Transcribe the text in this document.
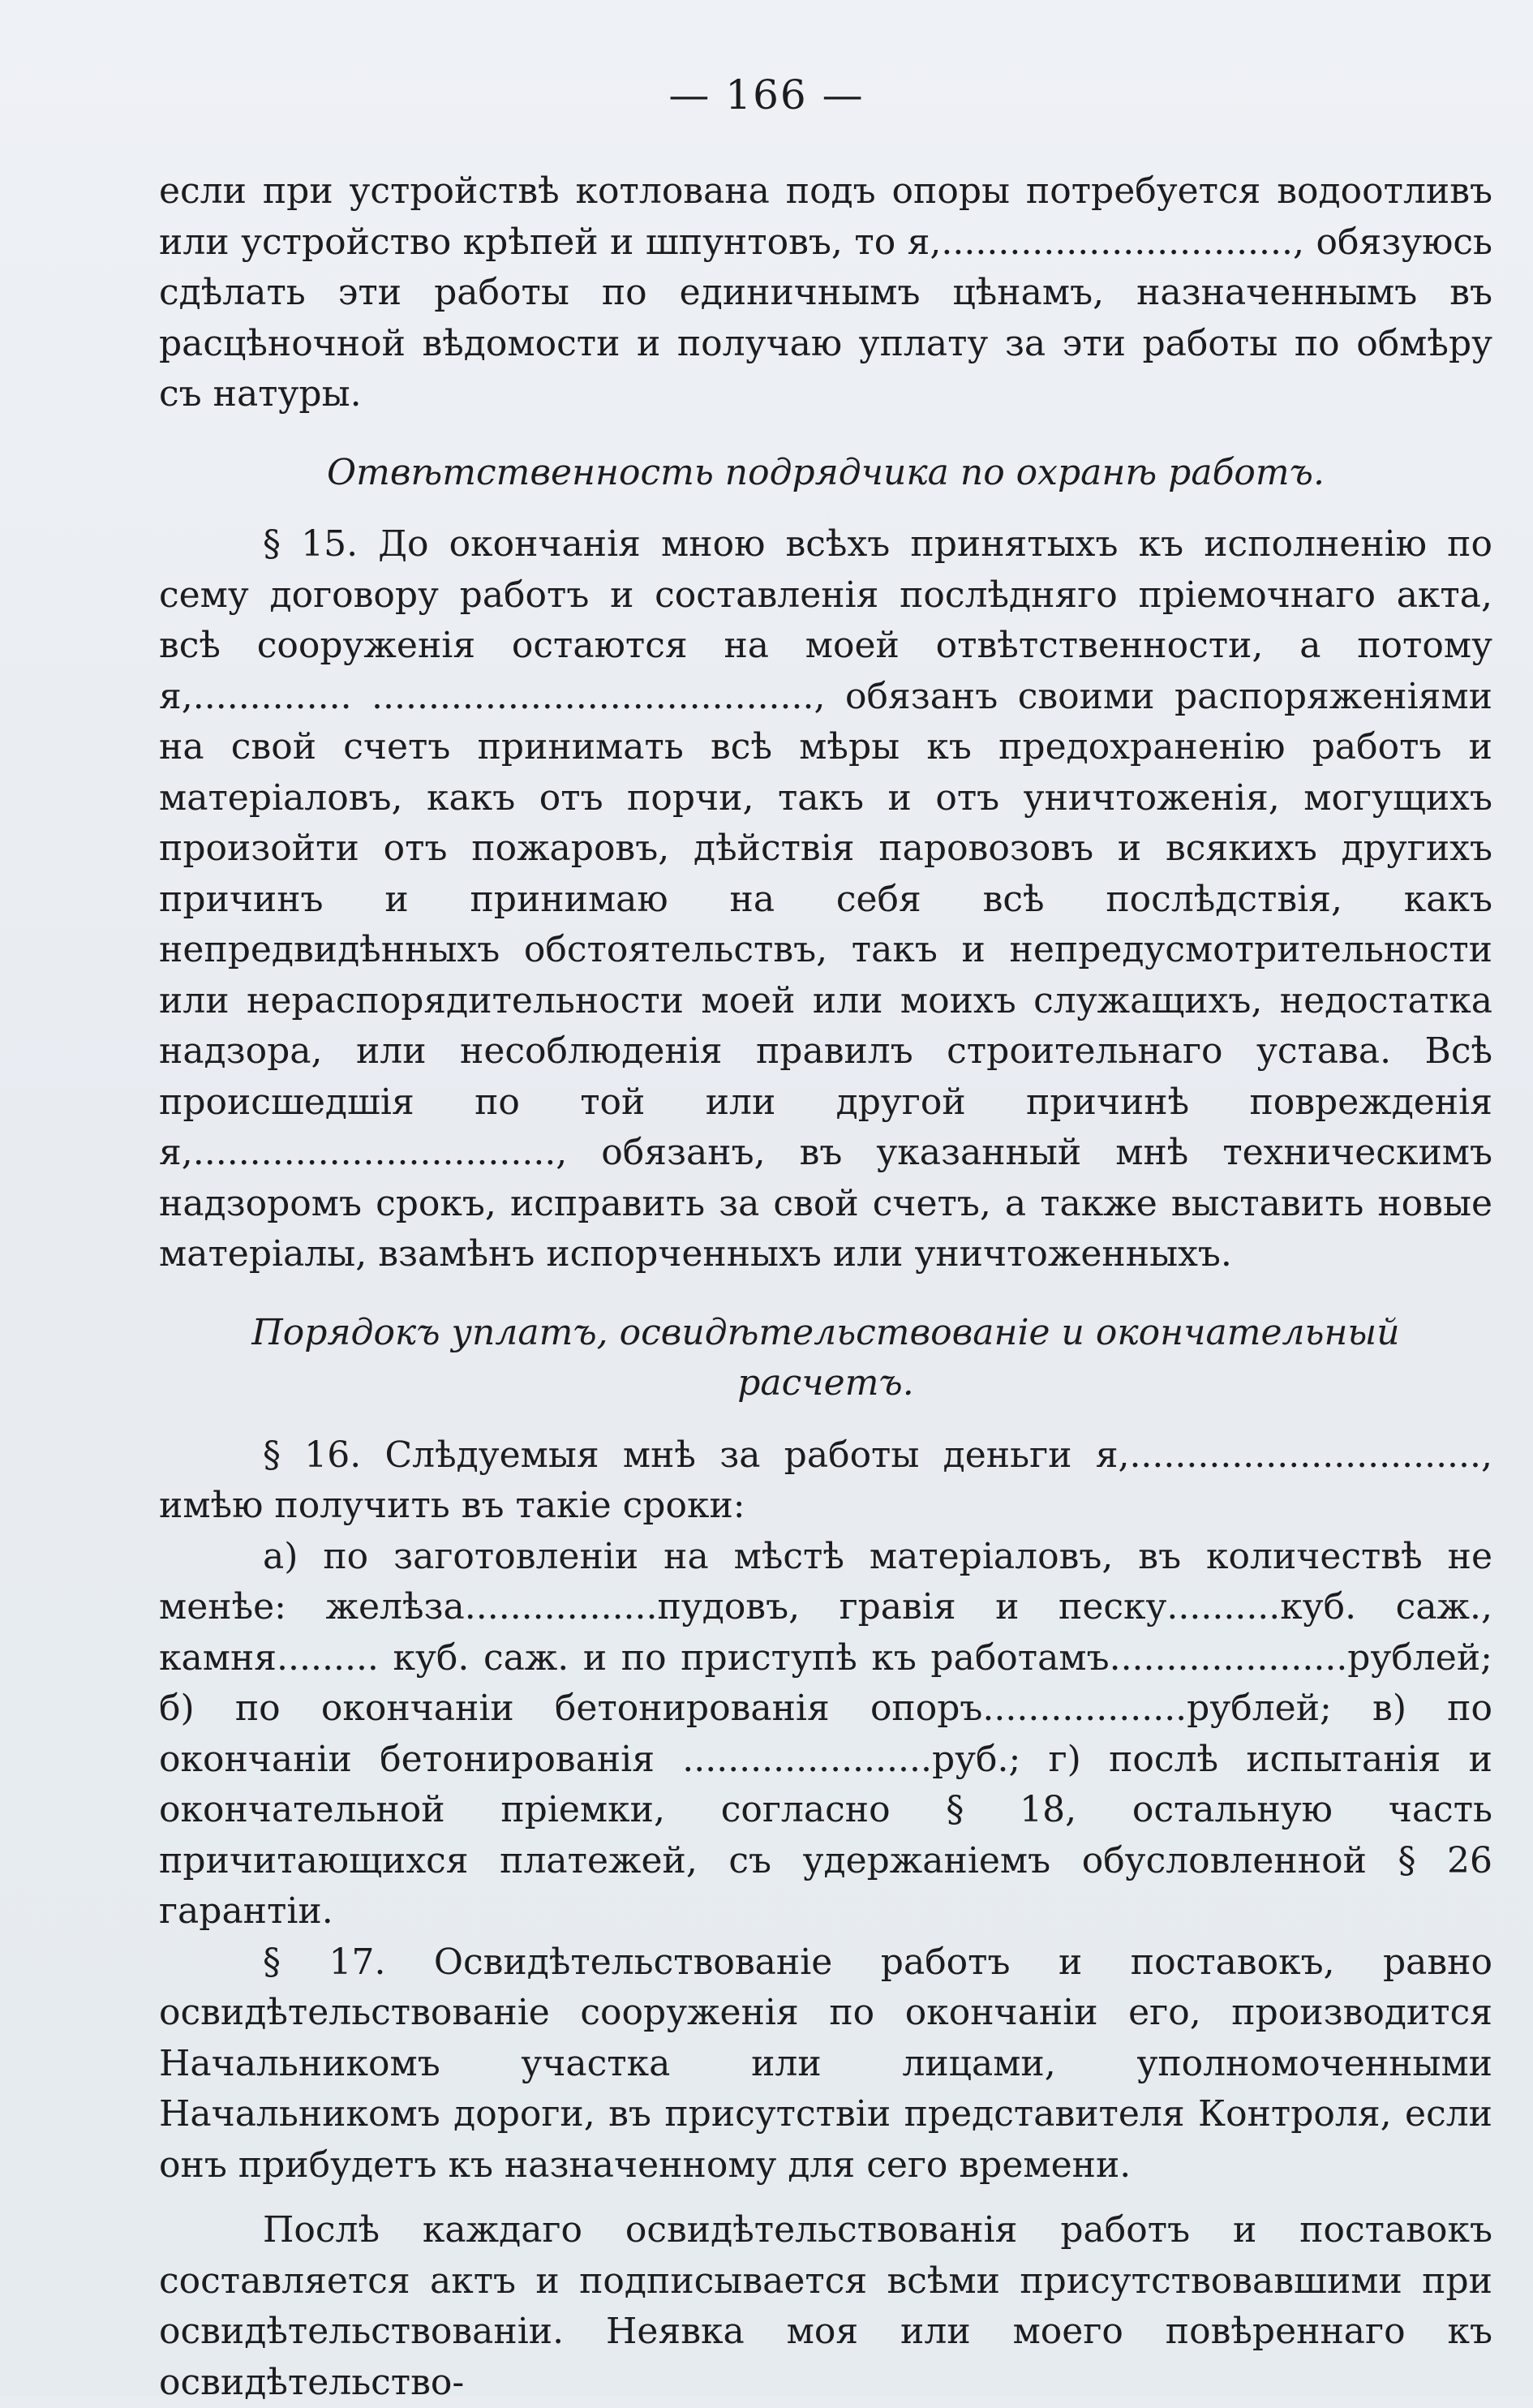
— 166 —

если при устройствѣ котлована подъ опоры потребуется водоотливъ или устройство крѣпей и шпунтовъ, то я,..............................., обязуюсь сдѣлать эти работы по единичнымъ цѣнамъ, назначеннымъ въ расцѣночной вѣдомости и получаю уплату за эти работы по обмѣру съ натуры.

Отвѣтственность подрядчика по охранѣ работъ.

§ 15. До окончанія мною всѣхъ принятыхъ къ исполненію по сему договору работъ и составленія послѣдняго пріемочнаго акта, всѣ сооруженія остаются на моей отвѣтственности, а потому я,.............. ......................................., обязанъ своими распоряженіями на свой счетъ принимать всѣ мѣры къ предохраненію работъ и матеріаловъ, какъ отъ порчи, такъ и отъ уничтоженія, могущихъ произойти отъ пожаровъ, дѣйствія паровозовъ и всякихъ другихъ причинъ и принимаю на себя всѣ послѣдствія, какъ непредвидѣнныхъ обстоятельствъ, такъ и непредусмотрительности или нераспорядительности моей или моихъ служащихъ, недостатка надзора, или несоблюденія правилъ строительнаго устава. Всѣ происшедшія по той или другой причинѣ поврежденія я,................................, обязанъ, въ указанный мнѣ техническимъ надзоромъ срокъ, исправить за свой счетъ, а также выставить новые матеріалы, взамѣнъ испорченныхъ или уничтоженныхъ.

Порядокъ уплатъ, освидѣтельствованіе и окончательный расчетъ.

§ 16. Слѣдуемыя мнѣ за работы деньги я,..............................., имѣю получить въ такіе сроки:

а) по заготовленіи на мѣстѣ матеріаловъ, въ количествѣ не менѣе: желѣза.................пудовъ, гравія и песку..........куб. саж., камня......... куб. саж. и по приступѣ къ работамъ.....................рублей; б) по окончаніи бетонированія опоръ..................рублей; в) по окончаніи бетонированія ......................руб.; г) послѣ испытанія и окончательной пріемки, согласно § 18, остальную часть причитающихся платежей, съ удержаніемъ обусловленной § 26 гарантіи.

§ 17. Освидѣтельствованіе работъ и поставокъ, равно освидѣтельствованіе сооруженія по окончаніи его, производится Начальникомъ участка или лицами, уполномоченными Начальникомъ дороги, въ присутствіи представителя Контроля, если онъ прибудетъ къ назначенному для сего времени.

Послѣ каждаго освидѣтельствованія работъ и поставокъ составляется актъ и подписывается всѣми присутствовавшими при освидѣтельствованіи. Неявка моя или моего повѣреннаго къ освидѣтельство-
